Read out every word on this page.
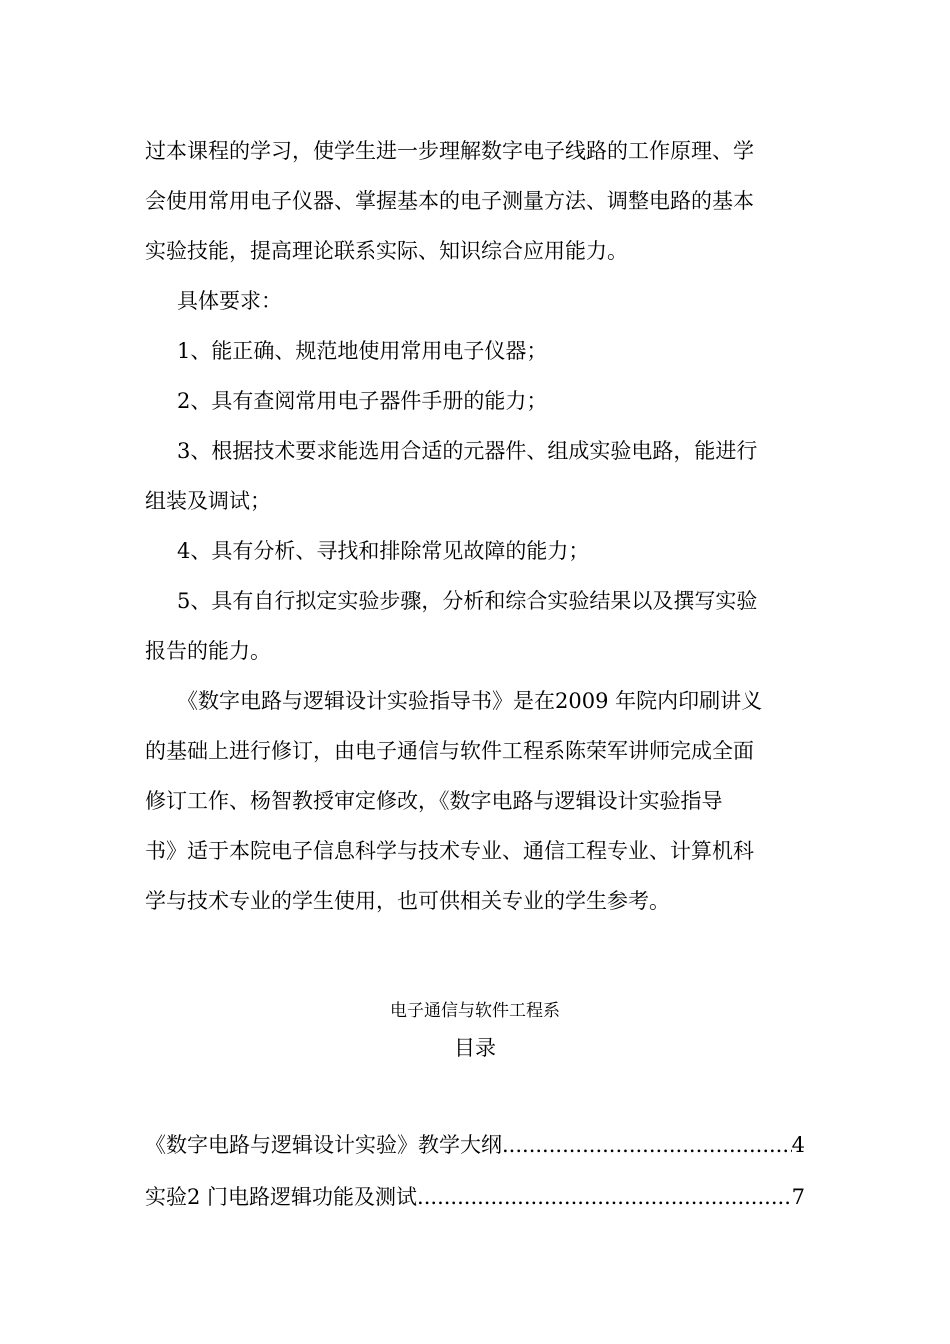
过本课程的学习，使学生进一步理解数字电子线路的工作原理、学
会使用常用电子仪器、掌握基本的电子测量方法、调整电路的基本
实验技能，提高理论联系实际、知识综合应用能力。
具体要求：
1、能正确、规范地使用常用电子仪器；
2、具有查阅常用电子器件手册的能力；
3、根据技术要求能选用合适的元器件、组成实验电路，能进行
组装及调试；
4、具有分析、寻找和排除常见故障的能力；
5、具有自行拟定实验步骤，分析和综合实验结果以及撰写实验
报告的能力。
《数字电路与逻辑设计实验指导书》是在2009 年院内印刷讲义
的基础上进行修订，由电子通信与软件工程系陈荣军讲师完成全面
修订工作、杨智教授审定修改，《数字电路与逻辑设计实验指导
书》适于本院电子信息科学与技术专业、通信工程专业、计算机科
学与技术专业的学生使用，也可供相关专业的学生参考。
电子通信与软件工程系
目录
《数字电路与逻辑设计实验》教学大纲 .....	4
实验2 门电路逻辑功能及测试 .....	7
